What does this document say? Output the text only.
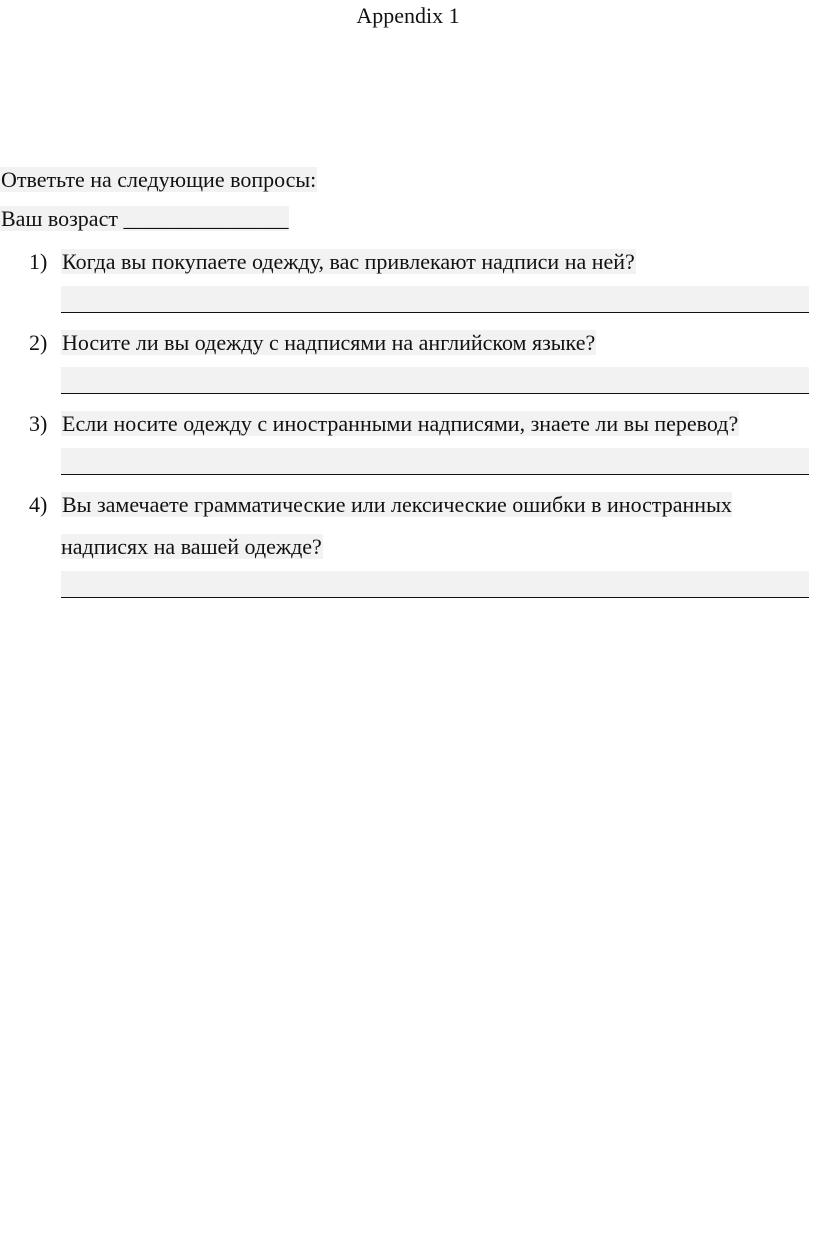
Appendix 1
Ответьте на следующие вопросы:
Ваш возраст _______________
1) Когда вы покупаете одежду, вас привлекают надписи на ней?
2) Носите ли вы одежду с надписями на английском языке?
3) Если носите одежду с иностранными надписями, знаете ли вы перевод?
4) Вы замечаете грамматические или лексические ошибки в иностранных надписях на вашей одежде?
